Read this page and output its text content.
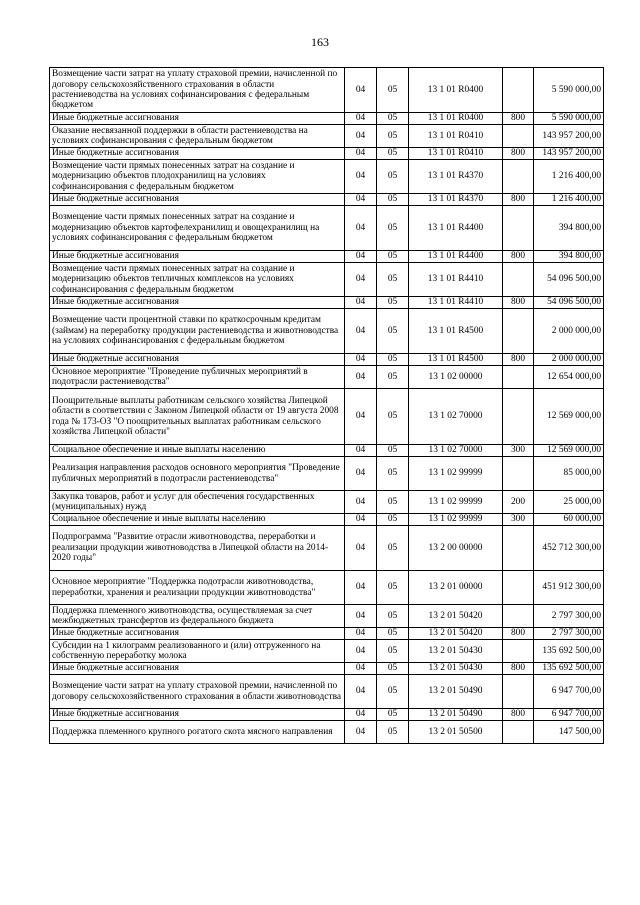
163
Возмещение части затрат на уплату страховой премии, начисленной по договору сельскохозяйственного страхования в области растениеводства на условиях софинансирования с федеральным бюджетом	04	05	13 1 01 R0400		5 590 000,00
Иные бюджетные ассигнования	04	05	13 1 01 R0400	800	5 590 000,00
Оказание несвязанной поддержки в области растениеводства на условиях софинансирования с федеральным бюджетом	04	05	13 1 01 R0410		143 957 200,00
Иные бюджетные ассигнования	04	05	13 1 01 R0410	800	143 957 200,00
Возмещение части прямых понесенных затрат на создание и модернизацию объектов плодохранилищ на условиях софинансирования с федеральным бюджетом	04	05	13 1 01 R4370		1 216 400,00
Иные бюджетные ассигнования	04	05	13 1 01 R4370	800	1 216 400,00
Возмещение части прямых понесенных затрат на создание и модернизацию объектов картофелехранилищ и овощехранилищ на условиях софинансирования с федеральным бюджетом	04	05	13 1 01 R4400		394 800,00
Иные бюджетные ассигнования	04	05	13 1 01 R4400	800	394 800,00
Возмещение части прямых понесенных затрат на создание и модернизацию объектов тепличных комплексов на условиях софинансирования с федеральным бюджетом	04	05	13 1 01 R4410		54 096 500,00
Иные бюджетные ассигнования	04	05	13 1 01 R4410	800	54 096 500,00
Возмещение части процентной ставки по краткосрочным кредитам (займам) на переработку продукции растениеводства и животноводства на условиях софинансирования с федеральным бюджетом	04	05	13 1 01 R4500		2 000 000,00
Иные бюджетные ассигнования	04	05	13 1 01 R4500	800	2 000 000,00
Основное мероприятие "Проведение публичных мероприятий в подотрасли растениеводства"	04	05	13 1 02 00000		12 654 000,00
Поощрительные выплаты работникам сельского хозяйства Липецкой области в соответствии с Законом Липецкой области от 19 августа 2008 года № 173-ОЗ "О поощрительных выплатах работникам сельского хозяйства Липецкой области"	04	05	13 1 02 70000		12 569 000,00
Социальное обеспечение и иные выплаты населению	04	05	13 1 02 70000	300	12 569 000,00
Реализация направления расходов основного мероприятия "Проведение публичных мероприятий в подотрасли растениеводства"	04	05	13 1 02 99999		85 000,00
Закупка товаров, работ и услуг для обеспечения государственных (муниципальных) нужд	04	05	13 1 02 99999	200	25 000,00
Социальное обеспечение и иные выплаты населению	04	05	13 1 02 99999	300	60 000,00
Подпрограмма "Развитие отрасли животноводства, переработки и реализации продукции животноводства в Липецкой области на 2014-2020 годы"	04	05	13 2 00 00000		452 712 300,00
Основное мероприятие "Поддержка подотрасли животноводства, переработки, хранения и реализации продукции животноводства"	04	05	13 2 01 00000		451 912 300,00
Поддержка племенного животноводства, осуществляемая за счет межбюджетных трансфертов из федерального бюджета	04	05	13 2 01 50420		2 797 300,00
Иные бюджетные ассигнования	04	05	13 2 01 50420	800	2 797 300,00
Субсидии на 1 килограмм реализованного и (или) отгруженного на собственную переработку молока	04	05	13 2 01 50430		135 692 500,00
Иные бюджетные ассигнования	04	05	13 2 01 50430	800	135 692 500,00
Возмещение части затрат на уплату страховой премии, начисленной по договору сельскохозяйственного страхования в области животноводства	04	05	13 2 01 50490		6 947 700,00
Иные бюджетные ассигнования	04	05	13 2 01 50490	800	6 947 700,00
Поддержка племенного крупного рогатого скота мясного направления	04	05	13 2 01 50500		147 500,00
